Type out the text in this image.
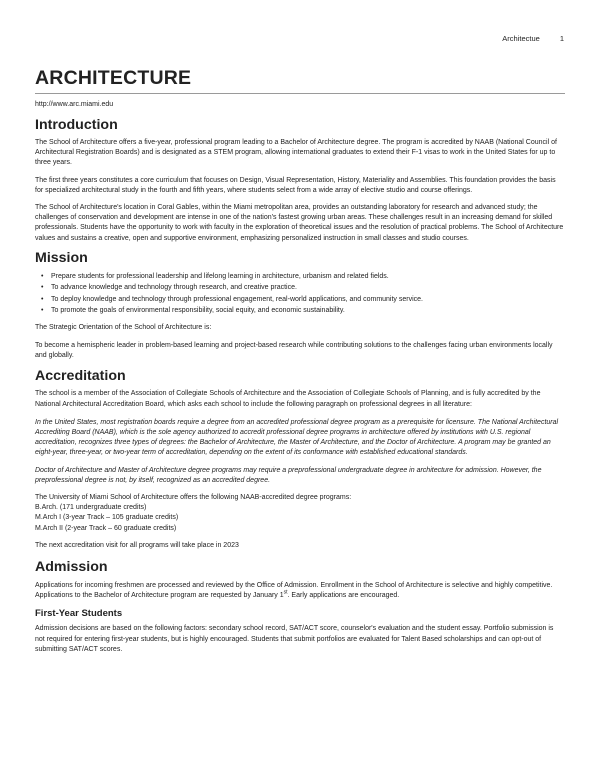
Architectue	1
ARCHITECTURE
http://www.arc.miami.edu
Introduction

The School of Architecture offers a five-year, professional program leading to a Bachelor of Architecture degree. The program is accredited by NAAB (National Council of Architectural Registration Boards) and is designated as a STEM program, allowing international graduates to extend their F-1 visas to work in the United States for up to three years.

The first three years constitutes a core curriculum that focuses on Design, Visual Representation, History, Materiality and Assemblies. This foundation provides the basis for specialized architectural study in the fourth and fifth years, where students select from a wide array of elective studio and course offerings.

The School of Architecture's location in Coral Gables, within the Miami metropolitan area, provides an outstanding laboratory for research and advanced study; the challenges of conservation and development are intense in one of the nation's fastest growing urban areas. These challenges result in an increasing demand for skilled professionals. Students have the opportunity to work with faculty in the exploration of theoretical issues and the resolution of practical problems. The School of Architecture values and sustains a creative, open and supportive environment, emphasizing personalized instruction in small classes and studio courses.

Mission
• Prepare students for professional leadership and lifelong learning in architecture, urbanism and related fields.
• To advance knowledge and technology through research, and creative practice.
• To deploy knowledge and technology through professional engagement, real-world applications, and community service.
• To promote the goals of environmental responsibility, social equity, and economic sustainability.

The Strategic Orientation of the School of Architecture is:

To become a hemispheric leader in problem-based learning and project-based research while contributing solutions to the challenges facing urban environments locally and globally.

Accreditation

The school is a member of the Association of Collegiate Schools of Architecture and the Association of Collegiate Schools of Planning, and is fully accredited by the National Architectural Accreditation Board, which asks each school to include the following paragraph on professional degrees in all literature:

In the United States, most registration boards require a degree from an accredited professional degree program as a prerequisite for licensure. The National Architectural Accrediting Board (NAAB), which is the sole agency authorized to accredit professional degree programs in architecture offered by institutions with U.S. regional accreditation, recognizes three types of degrees: the Bachelor of Architecture, the Master of Architecture, and the Doctor of Architecture. A program may be granted an eight-year, three-year, or two-year term of accreditation, depending on the extent of its conformance with established educational standards.

Doctor of Architecture and Master of Architecture degree programs may require a preprofessional undergraduate degree in architecture for admission. However, the preprofessional degree is not, by itself, recognized as an accredited degree.

The University of Miami School of Architecture offers the following NAAB-accredited degree programs:

B.Arch. (171 undergraduate credits)

M.Arch I (3-year Track – 105 graduate credits)

M.Arch II (2-year Track – 60 graduate credits)

The next accreditation visit for all programs will take place in 2023

Admission

Applications for incoming freshmen are processed and reviewed by the Office of Admission. Enrollment in the School of Architecture is selective and highly competitive. Applications to the Bachelor of Architecture program are requested by January 1st. Early applications are encouraged.

First-Year Students

Admission decisions are based on the following factors: secondary school record, SAT/ACT score, counselor's evaluation and the student essay. Portfolio submission is not required for entering first-year students, but is highly encouraged. Students that submit portfolios are evaluated for Talent Based scholarships and can opt-out of submitting SAT/ACT scores.
